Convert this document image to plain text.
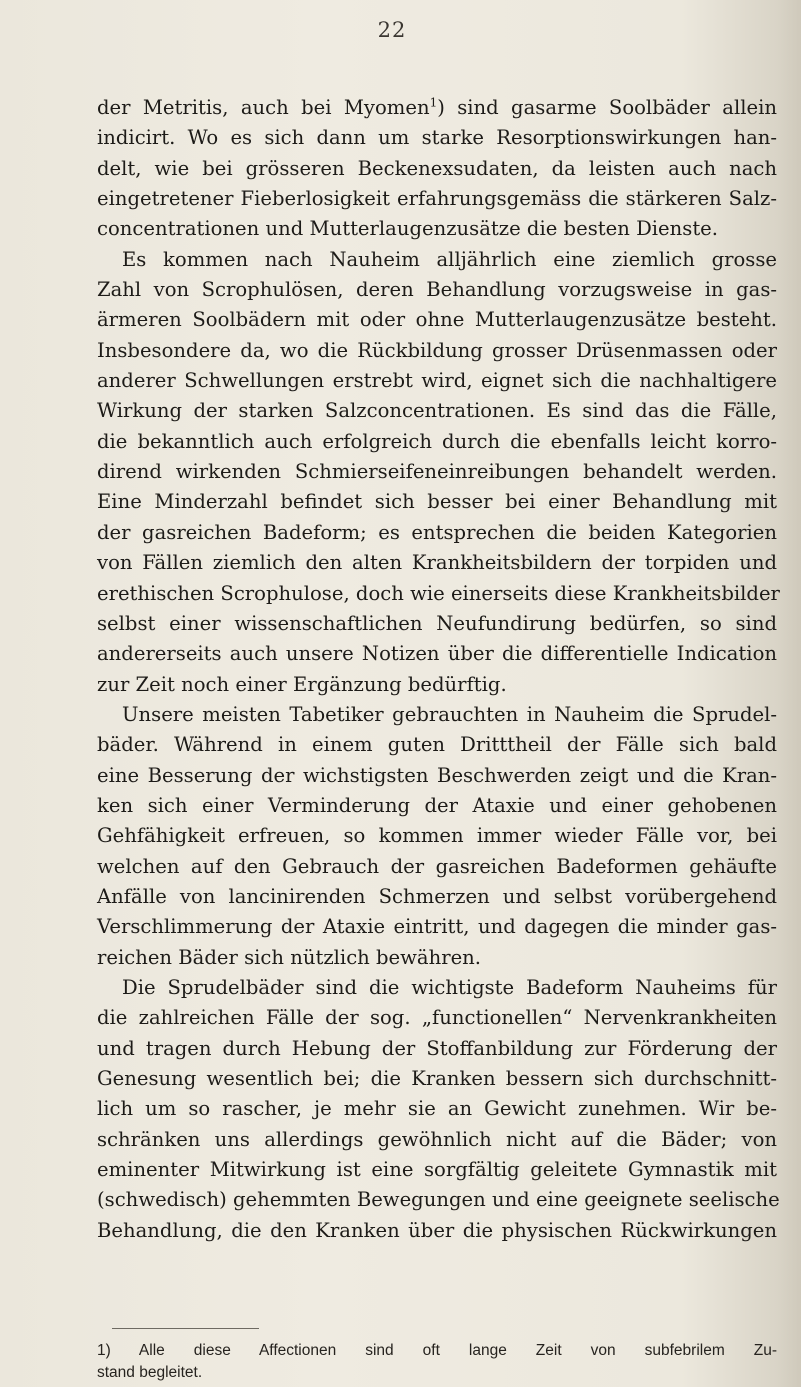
22

der Metritis, auch bei Myomen$^1$) sind gasarme Soolbäder allein
indicirt. Wo es sich dann um starke Resorptionswirkungen han-
delt, wie bei grösseren Beckenexsudaten, da leisten auch nach
eingetretener Fieberlosigkeit erfahrungsgemäss die stärkeren Salz-
concentrationen und Mutterlaugenzusätze die besten Dienste.

Es kommen nach Nauheim alljährlich eine ziemlich grosse
Zahl von Scrophulösen, deren Behandlung vorzugsweise in gas-
ärmeren Soolbädern mit oder ohne Mutterlaugenzusätze besteht.
Insbesondere da, wo die Rückbildung grosser Drüsenmassen oder
anderer Schwellungen erstrebt wird, eignet sich die nachhaltigere
Wirkung der starken Salzconcentrationen. Es sind das die Fälle,
die bekanntlich auch erfolgreich durch die ebenfalls leicht korro-
dirend wirkenden Schmierseifeneinreibungen behandelt werden.
Eine Minderzahl befindet sich besser bei einer Behandlung mit
der gasreichen Badeform; es entsprechen die beiden Kategorien
von Fällen ziemlich den alten Krankheitsbildern der torpiden und
erethischen Scrophulose, doch wie einerseits diese Krankheitsbilder
selbst einer wissenschaftlichen Neufundirung bedürfen, so sind
andererseits auch unsere Notizen über die differentielle Indication
zur Zeit noch einer Ergänzung bedürftig.

Unsere meisten Tabetiker gebrauchten in Nauheim die Sprudel-
bäder. Während in einem guten Dritttheil der Fälle sich bald
eine Besserung der wichstigsten Beschwerden zeigt und die Kran-
ken sich einer Verminderung der Ataxie und einer gehobenen
Gehfähigkeit erfreuen, so kommen immer wieder Fälle vor, bei
welchen auf den Gebrauch der gasreichen Badeformen gehäufte
Anfälle von lancinirenden Schmerzen und selbst vorübergehend
Verschlimmerung der Ataxie eintritt, und dagegen die minder gas-
reichen Bäder sich nützlich bewähren.

Die Sprudelbäder sind die wichtigste Badeform Nauheims für
die zahlreichen Fälle der sog. „functionellen“ Nervenkrankheiten
und tragen durch Hebung der Stoffanbildung zur Förderung der
Genesung wesentlich bei; die Kranken bessern sich durchschnitt-
lich um so rascher, je mehr sie an Gewicht zunehmen. Wir be-
schränken uns allerdings gewöhnlich nicht auf die Bäder; von
eminenter Mitwirkung ist eine sorgfältig geleitete Gymnastik mit
(schwedisch) gehemmten Bewegungen und eine geeignete seelische
Behandlung, die den Kranken über die physischen Rückwirkungen

1) Alle diese Affectionen sind oft lange Zeit von subfebrilem Zu-
stand begleitet.
